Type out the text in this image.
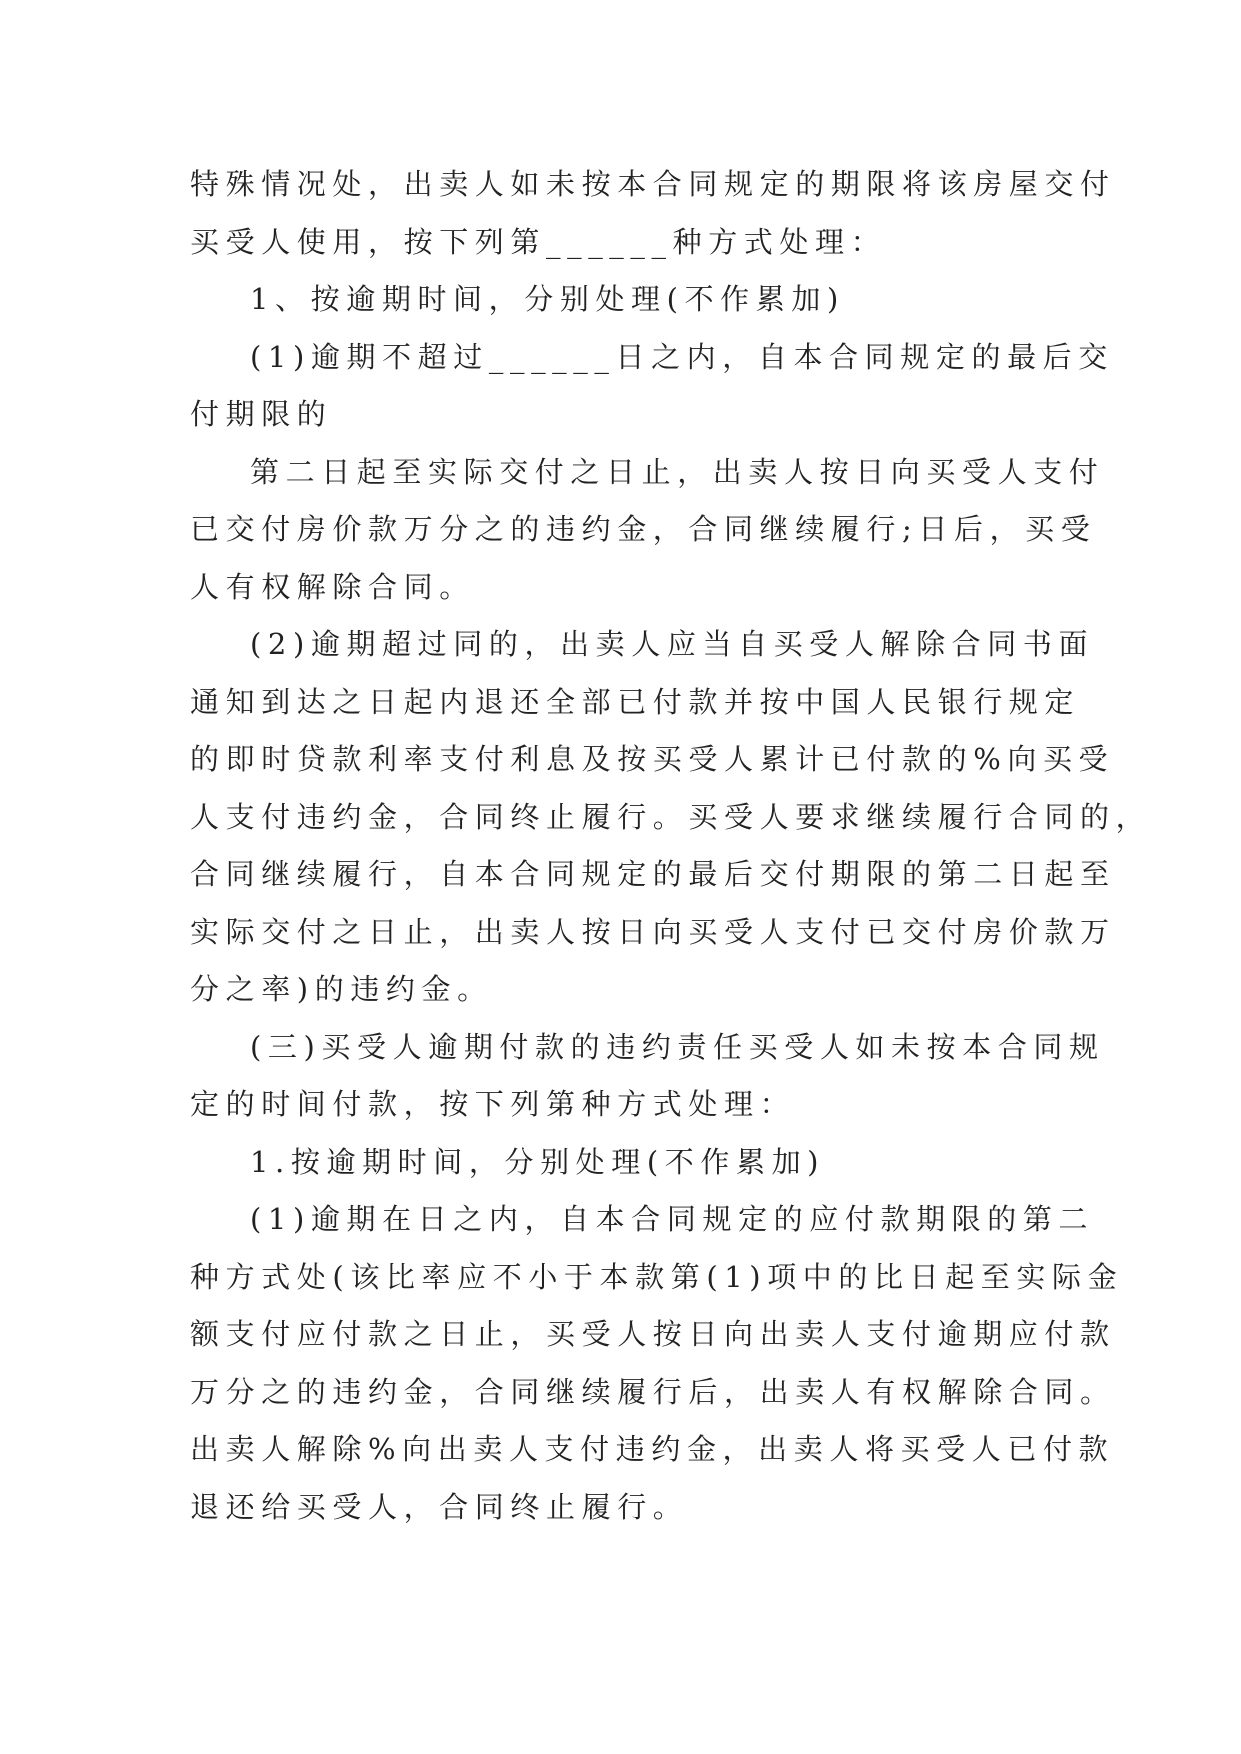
特殊情况处，出卖人如未按本合同规定的期限将该房屋交付
买受人使用，按下列第______种方式处理：
1、按逾期时间，分别处理(不作累加)
(1)逾期不超过______日之内，自本合同规定的最后交
付期限的
第二日起至实际交付之日止，出卖人按日向买受人支付
已交付房价款万分之的违约金，合同继续履行;日后，买受
人有权解除合同。
(2)逾期超过同的，出卖人应当自买受人解除合同书面
通知到达之日起内退还全部已付款并按中国人民银行规定
的即时贷款利率支付利息及按买受人累计已付款的%向买受
人支付违约金，合同终止履行。买受人要求继续履行合同的，
合同继续履行，自本合同规定的最后交付期限的第二日起至
实际交付之日止，出卖人按日向买受人支付已交付房价款万
分之率)的违约金。
(三)买受人逾期付款的违约责任买受人如未按本合同规
定的时间付款，按下列第种方式处理：
1.按逾期时间，分别处理(不作累加)
(1)逾期在日之内，自本合同规定的应付款期限的第二
种方式处(该比率应不小于本款第(1)项中的比日起至实际金
额支付应付款之日止，买受人按日向出卖人支付逾期应付款
万分之的违约金，合同继续履行后，出卖人有权解除合同。
出卖人解除%向出卖人支付违约金，出卖人将买受人已付款
退还给买受人，合同终止履行。
